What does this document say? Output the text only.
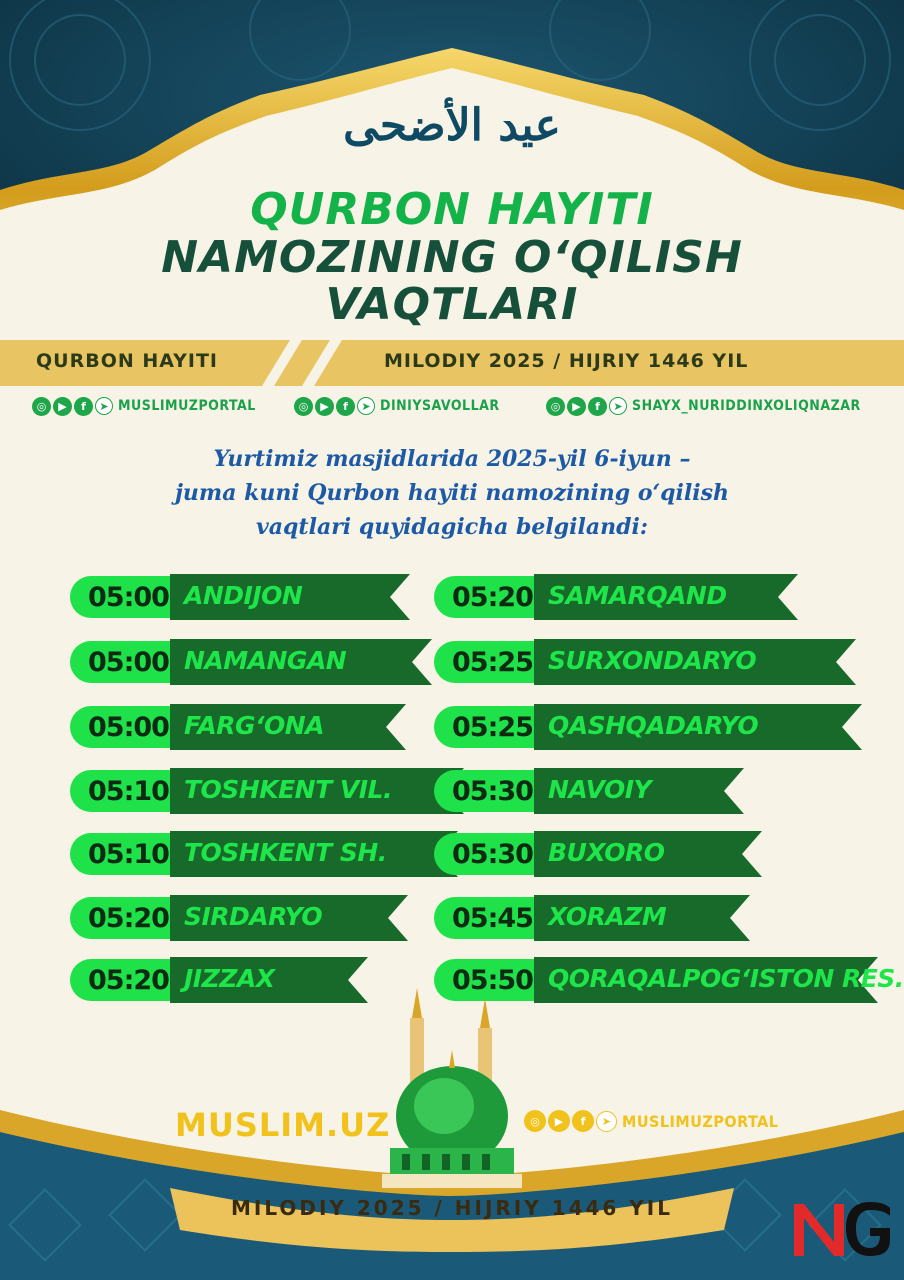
عيد الأضحى
QURBON HAYITI
NAMOZINING O‘QILISH
VAQTLARI
QURBON HAYITI	MILODIY 2025 / HIJRIY 1446 YIL
◎	▶	f	➤ MUSLIMUZPORTAL	◎	▶	f	➤ DINIYSAVOLLAR	◎	▶	f	➤ SHAYX_NURIDDINXOLIQNAZAR
Yurtimiz masjidlarida 2025-yil 6-iyun –
juma kuni Qurbon hayiti namozining o‘qilish
vaqtlari quyidagicha belgilandi:
05:00 ANDIJON
05:00 NAMANGAN
05:00 FARG‘ONA
05:10 TOSHKENT VIL.
05:10 TOSHKENT SH.
05:20 SIRDARYO
05:20 JIZZAX
05:20 SAMARQAND
05:25 SURXONDARYO
05:25 QASHQADARYO
05:30 NAVOIY
05:30 BUXORO
05:45 XORAZM
05:50 QORAQALPOG‘ISTON RES.
MUSLIM.UZ	◎	▶	f	➤ MUSLIMUZPORTAL
MILODIY 2025 / HIJRIY 1446 YIL
